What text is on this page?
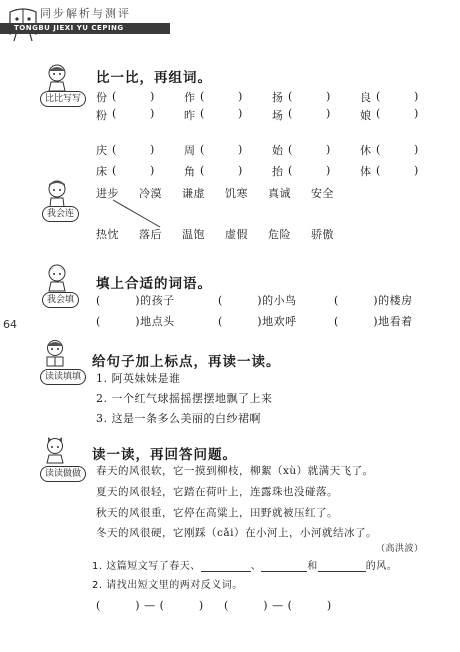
同步解析与测评
TONGBU JIEXI YU CEPING
64
比比写写
比一比，再组词。
份 (	)	作 (	)	扬 (	)	良 (	)
粉 (	)	昨 (	)	场 (	)	娘 (	)
庆 (	)	周 (	)	始 (	)	休 (	)
床 (	)	角 (	)	抬 (	)	体 (	)
我会连
进步 冷漠 谦虚 饥寒 真诚 安全
热忱 落后 温饱 虚假 危险 骄傲
我会填
填上合适的词语。
(　　　)的孩子	(　　　)的小鸟	(　　　)的楼房
(　　　)地点头	(　　　)地欢呼	(　　　)地看着
读读填填
给句子加上标点，再读一读。
1. 阿英妹妹是谁
2. 一个红气球摇摇摆摆地飘了上来
3. 这是一条多么美丽的白纱裙啊
读读做做
读一读，再回答问题。
春天的风很软，它一摸到柳枝，柳絮（xù）就满天飞了。
夏天的风很轻，它踏在荷叶上，连露珠也没碰落。
秋天的风很重，它停在高粱上，田野就被压红了。
冬天的风很硬，它刚踩（cǎi）在小河上，小河就结冰了。
（高洪波）
1. 这篇短文写了春天、	、	和	的风。
2. 请找出短文里的两对反义词。
(　　　) — (　　　) (　　　) — (　　　)
